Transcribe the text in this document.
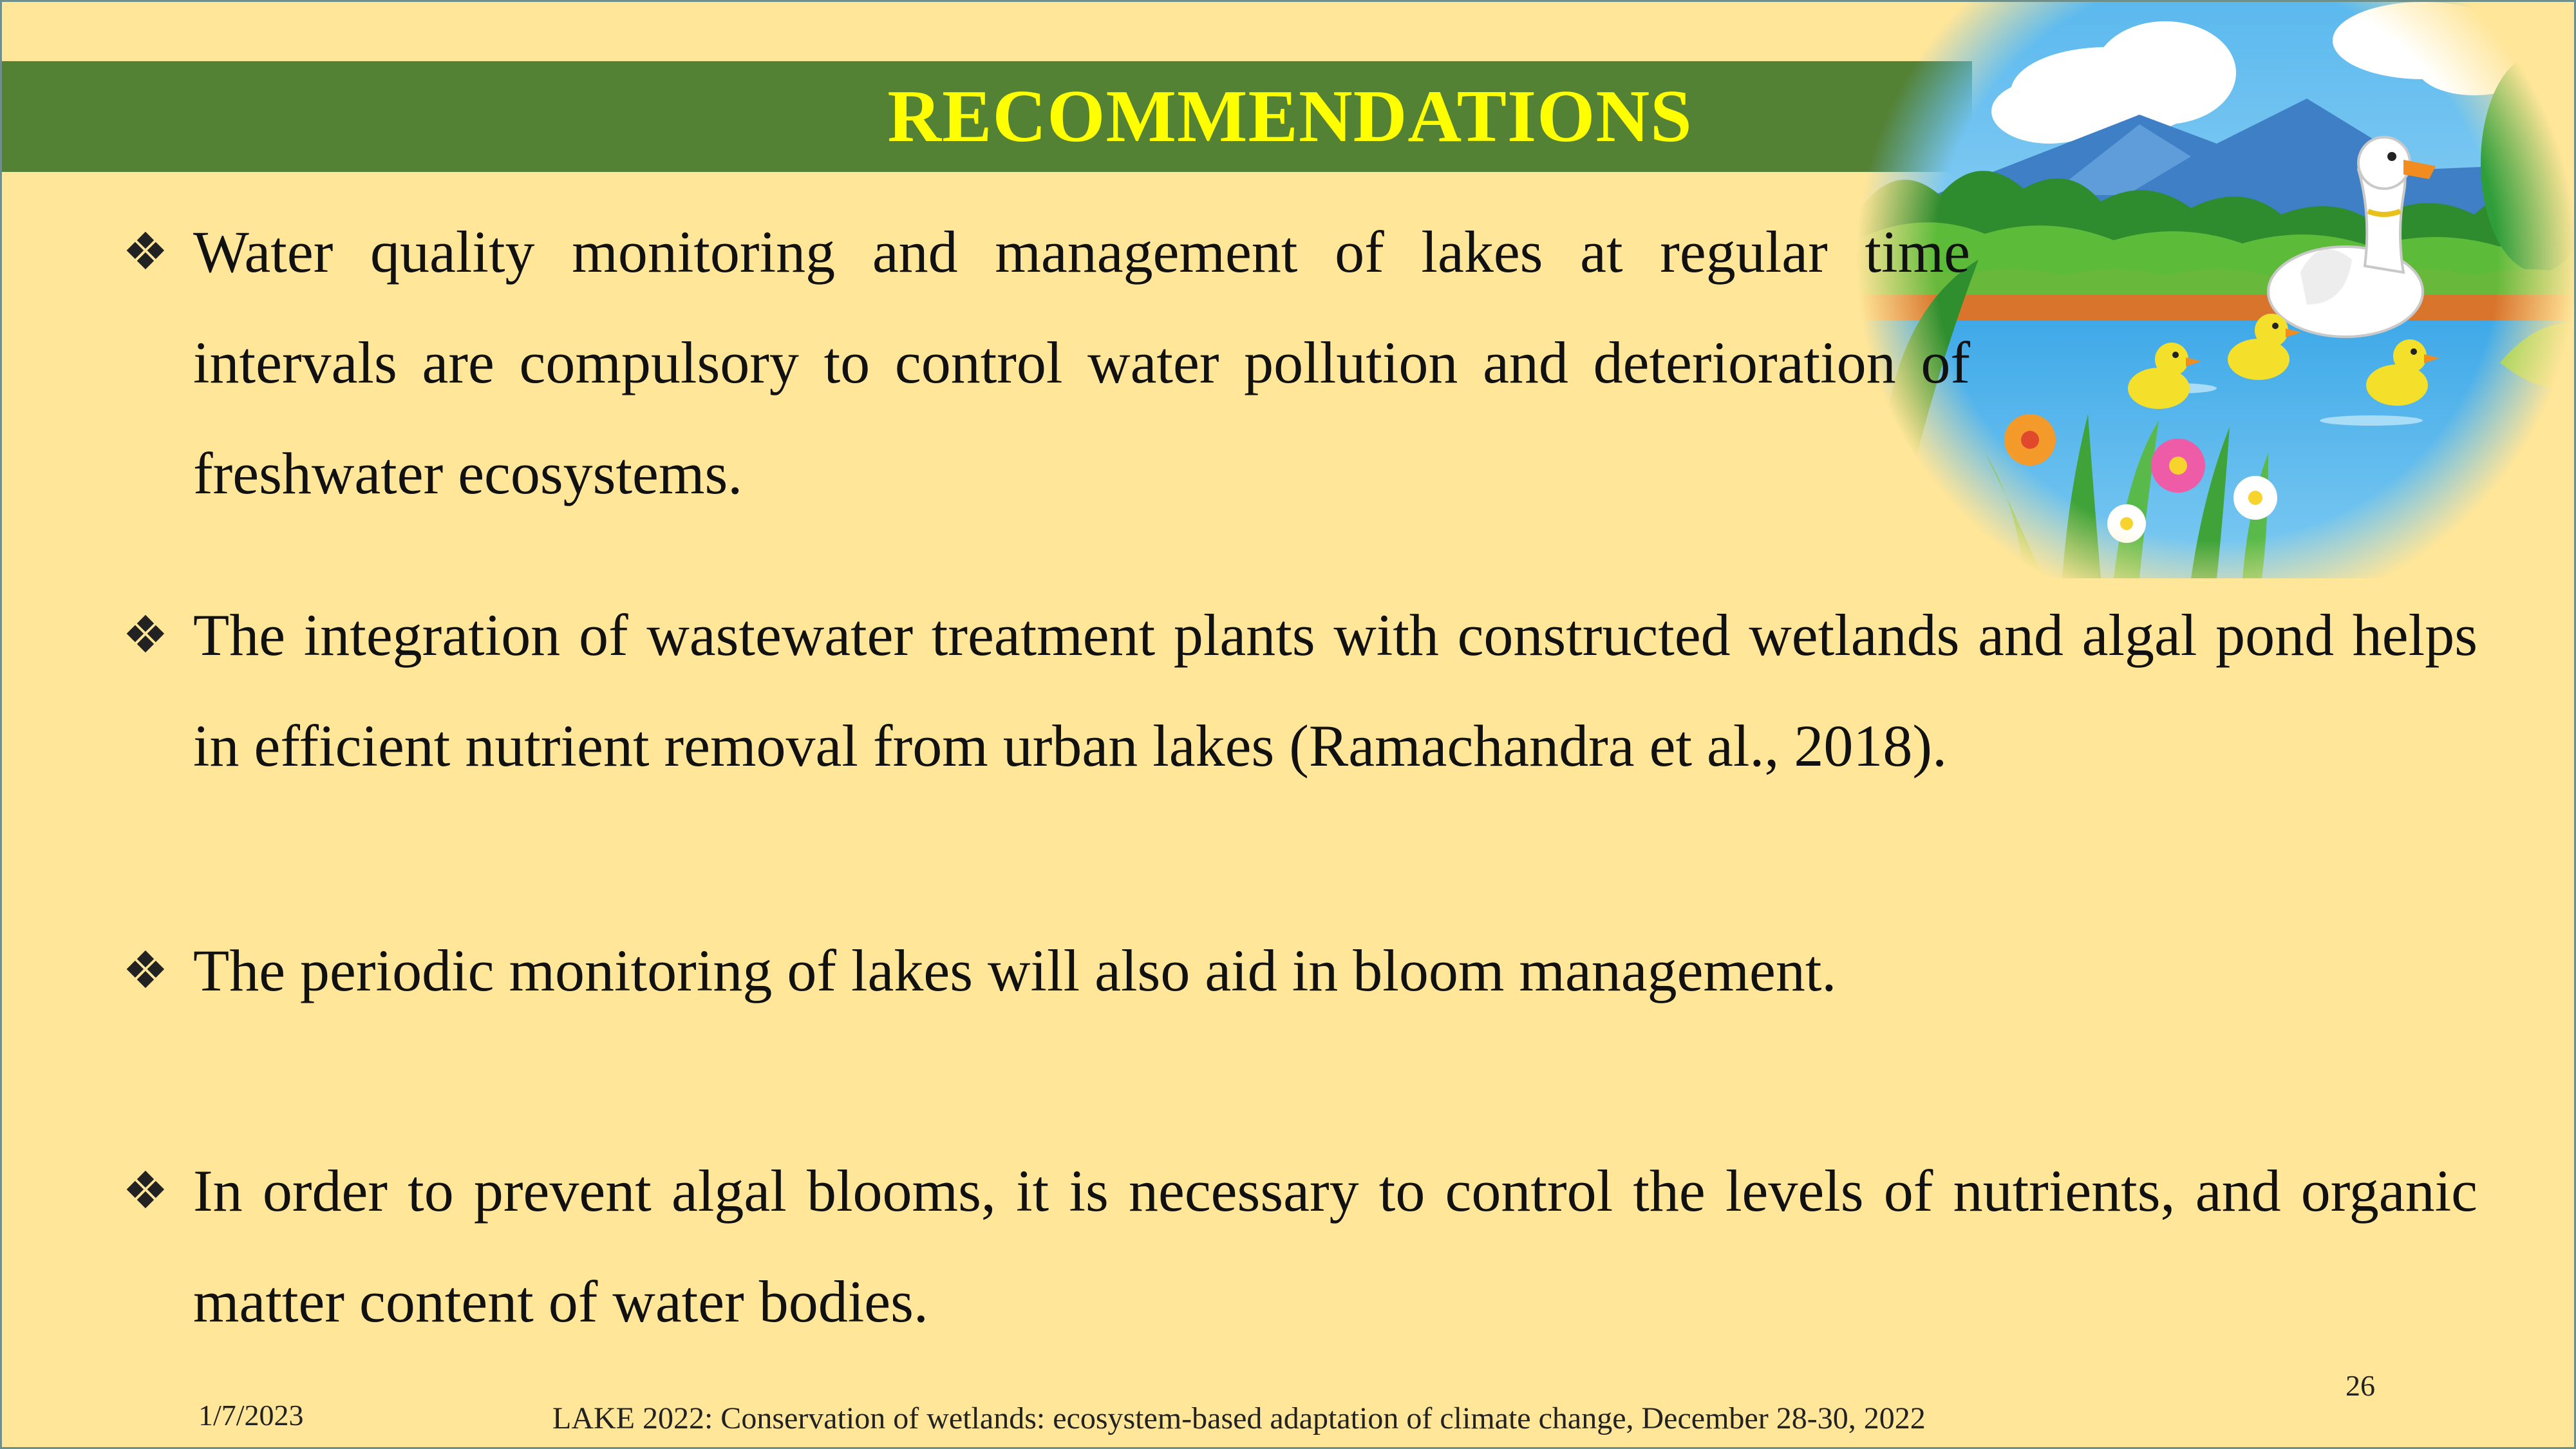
RECOMMENDATIONS
❖ Water quality monitoring and management of lakes at regular time intervals are compulsory to control water pollution and deterioration of freshwater ecosystems.
❖ The integration of wastewater treatment plants with constructed wetlands and algal pond helps in efficient nutrient removal from urban lakes (Ramachandra et al., 2018).
❖ The periodic monitoring of lakes will also aid in bloom management.
❖ In order to prevent algal blooms, it is necessary to control the levels of nutrients, and organic matter content of water bodies.
1/7/2023	LAKE 2022: Conservation of wetlands: ecosystem-based adaptation of climate change, December 28-30, 2022
26
